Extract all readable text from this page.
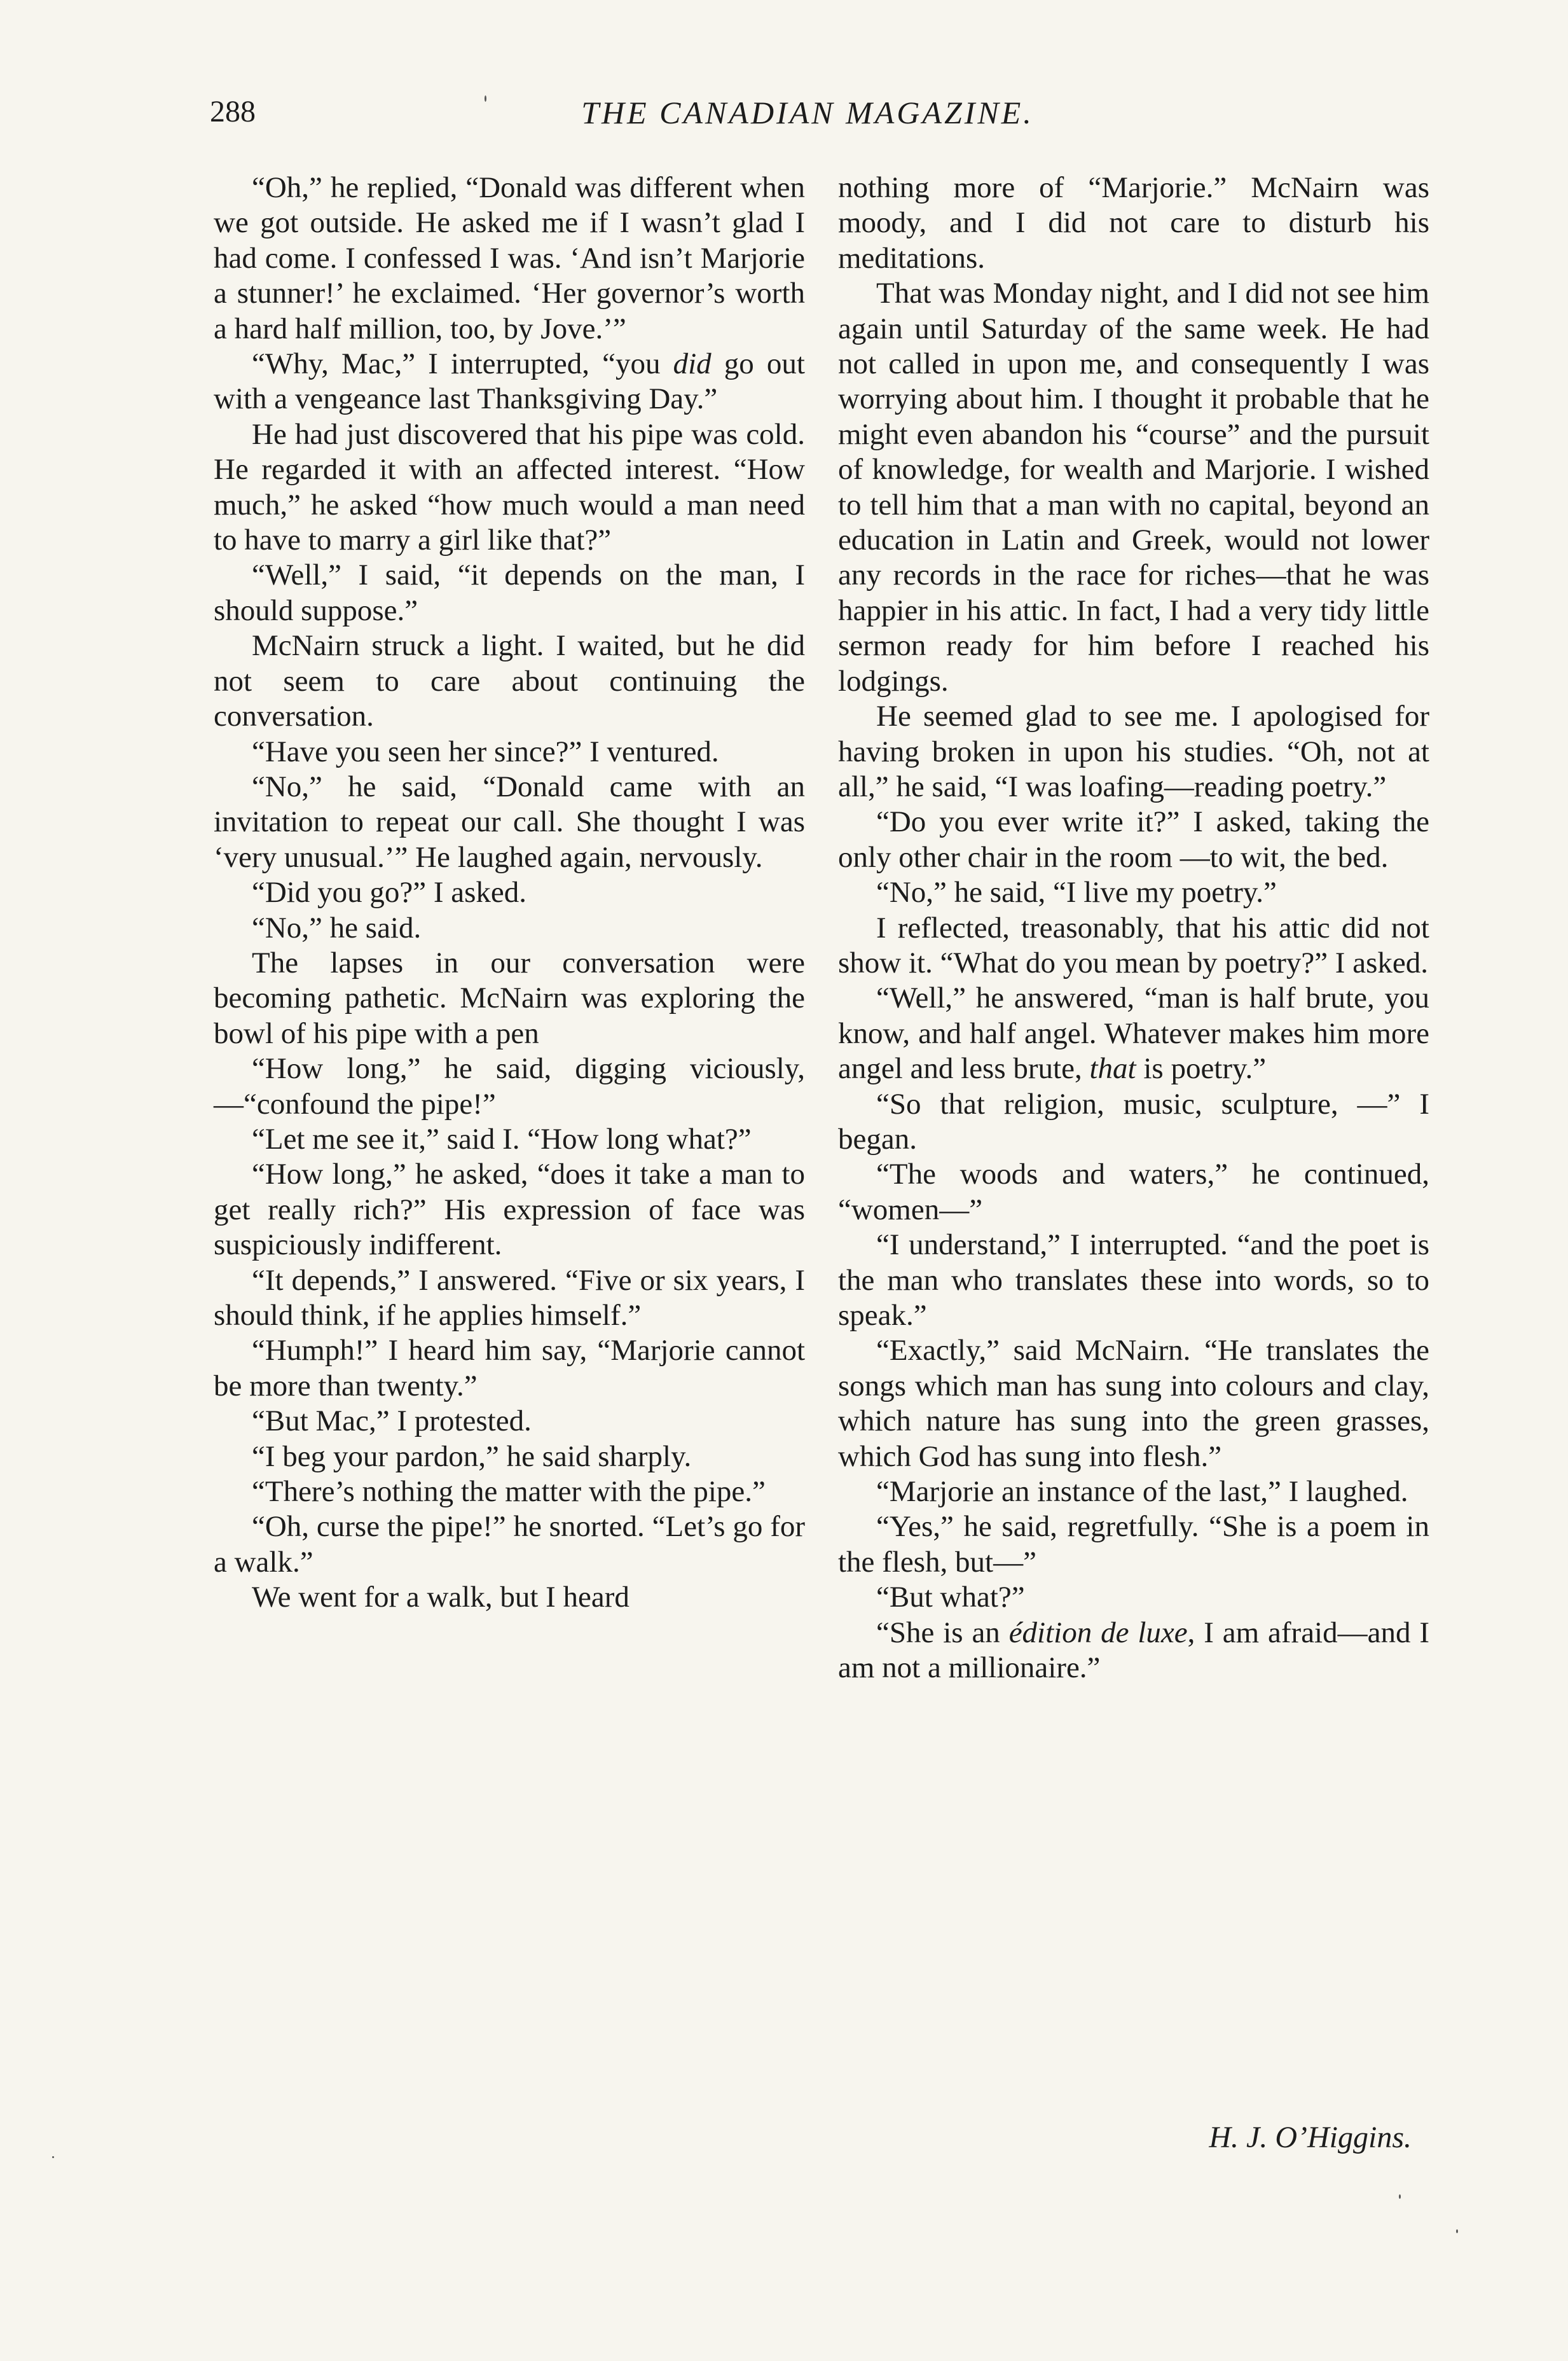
288	THE CANADIAN MAGAZINE.

“Oh,” he replied, “Donald was different when we got outside. He asked me if I wasn’t glad I had come. I confessed I was. ‘And isn’t Marjorie a stunner!’ he exclaimed. ‘Her governor’s worth a hard half million, too, by Jove.’”

“Why, Mac,” I interrupted, “you did go out with a vengeance last Thanksgiving Day.”

He had just discovered that his pipe was cold. He regarded it with an affected interest. “How much,” he asked “how much would a man need to have to marry a girl like that?”

“Well,” I said, “it depends on the man, I should suppose.”

McNairn struck a light. I waited, but he did not seem to care about continuing the conversation.

“Have you seen her since?” I ventured.

“No,” he said, “Donald came with an invitation to repeat our call. She thought I was ‘very unusual.’” He laughed again, nervously.

“Did you go?” I asked.

“No,” he said.

The lapses in our conversation were becoming pathetic. McNairn was exploring the bowl of his pipe with a pen

“How long,” he said, digging viciously,—“confound the pipe!”

“Let me see it,” said I. “How long what?”

“How long,” he asked, “does it take a man to get really rich?” His expression of face was suspiciously indifferent.

“It depends,” I answered. “Five or six years, I should think, if he applies himself.”

“Humph!” I heard him say, “Marjorie cannot be more than twenty.”

“But Mac,” I protested.

“I beg your pardon,” he said sharply.

“There’s nothing the matter with the pipe.”

“Oh, curse the pipe!” he snorted. “Let’s go for a walk.”

We went for a walk, but I heard

nothing more of “Marjorie.” McNairn was moody, and I did not care to disturb his meditations.

That was Monday night, and I did not see him again until Saturday of the same week. He had not called in upon me, and consequently I was worrying about him. I thought it probable that he might even abandon his “course” and the pursuit of knowledge, for wealth and Marjorie. I wished to tell him that a man with no capital, beyond an education in Latin and Greek, would not lower any records in the race for riches—that he was happier in his attic. In fact, I had a very tidy little sermon ready for him before I reached his lodgings.

He seemed glad to see me. I apologised for having broken in upon his studies. “Oh, not at all,” he said, “I was loafing—reading poetry.”

“Do you ever write it?” I asked, taking the only other chair in the room —to wit, the bed.

“No,” he said, “I live my poetry.”

I reflected, treasonably, that his attic did not show it. “What do you mean by poetry?” I asked.

“Well,” he answered, “man is half brute, you know, and half angel. Whatever makes him more angel and less brute, that is poetry.”

“So that religion, music, sculpture, —” I began.

“The woods and waters,” he continued, “women—”

“I understand,” I interrupted. “and the poet is the man who translates these into words, so to speak.”

“Exactly,” said McNairn. “He translates the songs which man has sung into colours and clay, which nature has sung into the green grasses, which God has sung into flesh.”

“Marjorie an instance of the last,” I laughed.

“Yes,” he said, regretfully. “She is a poem in the flesh, but—”

“But what?”

“She is an édition de luxe, I am afraid—and I am not a millionaire.”

H. J. O’Higgins.
